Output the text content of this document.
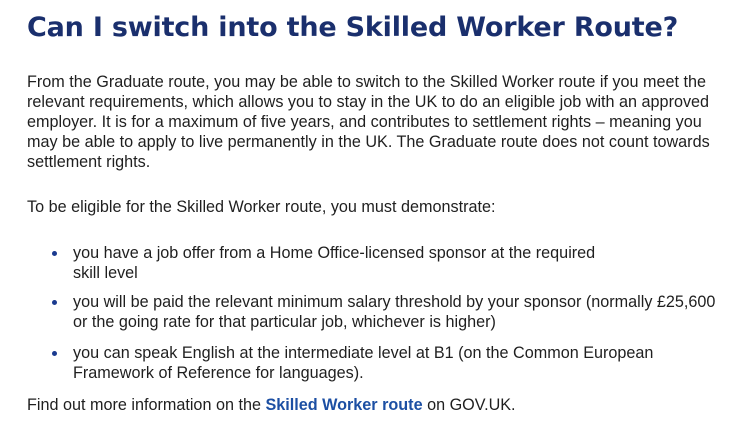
Can I switch into the Skilled Worker Route?

From the Graduate route, you may be able to switch to the Skilled Worker route if you meet the relevant requirements, which allows you to stay in the UK to do an eligible job with an approved employer. It is for a maximum of five years, and contributes to settlement rights – meaning you may be able to apply to live permanently in the UK. The Graduate route does not count towards settlement rights.

To be eligible for the Skilled Worker route, you must demonstrate:

you have a job offer from a Home Office-licensed sponsor at the required skill level
you will be paid the relevant minimum salary threshold by your sponsor (normally £25,600 or the going rate for that particular job, whichever is higher)
you can speak English at the intermediate level at B1 (on the Common European Framework of Reference for languages).

Find out more information on the Skilled Worker route on GOV.UK.
